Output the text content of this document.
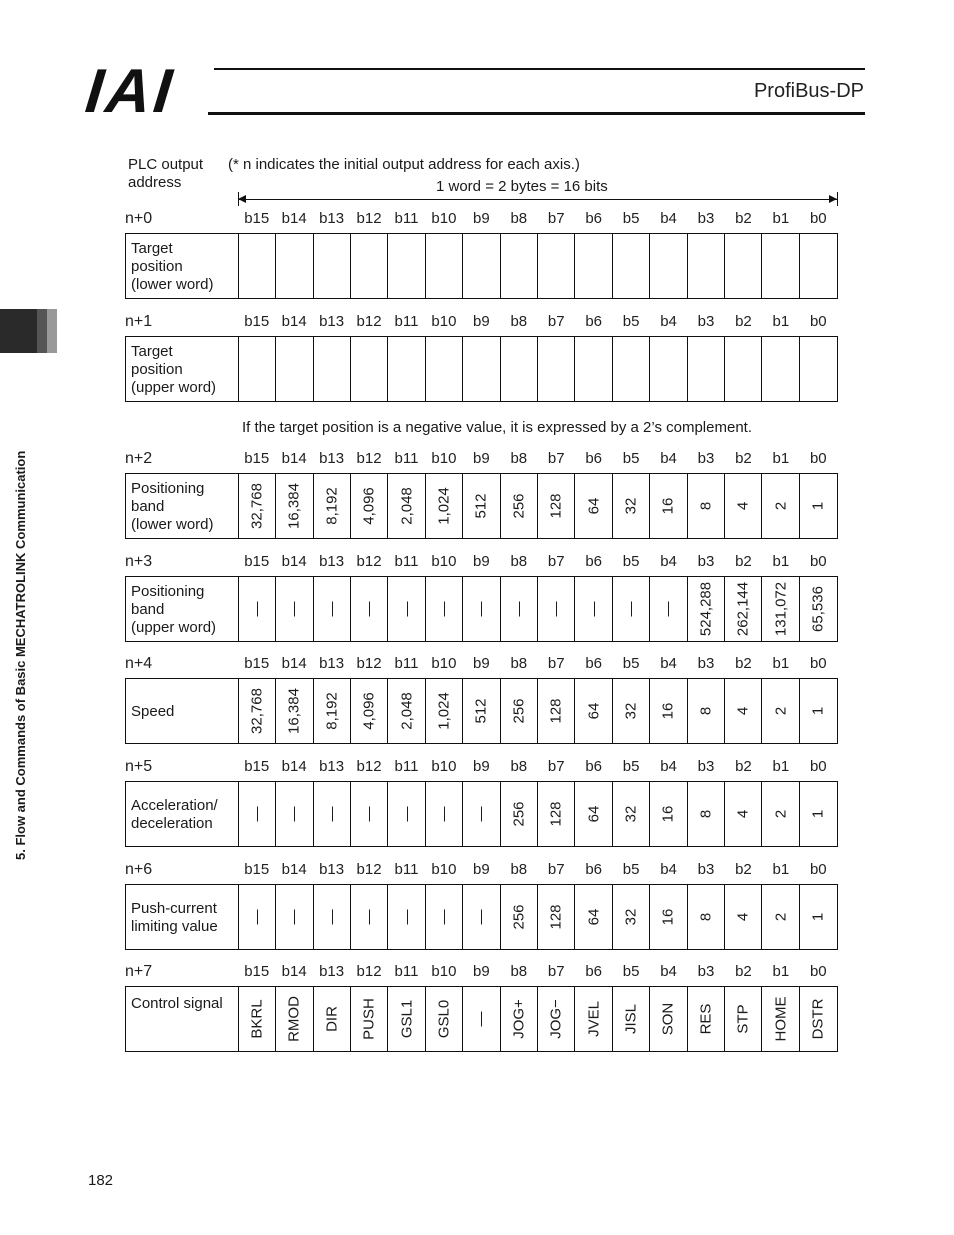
IAI	ProfiBus-DP
5. Flow and Commands of Basic MECHATROLINK Communication
PLC output
address
(* n indicates the initial output address for each axis.)
1 word = 2 bytes = 16 bits
n+0	b15 b14 b13 b12 b11 b10	b9	b8	b7	b6	b5	b4	b3	b2	b1	b0
Target
position
(lower word)
n+1	b15 b14 b13 b12 b11 b10	b9	b8	b7	b6	b5	b4	b3	b2	b1	b0
Target
position
(upper word)
n+2	b15 b14 b13 b12 b11 b10	b9	b8	b7	b6	b5	b4	b3	b2	b1	b0
Positioning
band
(lower word)	32,768 16,384 8,192 4,096 2,048 1,024 512 256 128 64 32 16 8 4 2 1
n+3	b15 b14 b13 b12 b11 b10	b9	b8	b7	b6	b5	b4	b3	b2	b1	b0
Positioning
band
(upper word)
— — — — — — — — — — — — 524,288 262,144 131,072 65,536
n+4	b15 b14 b13 b12 b11 b10	b9	b8	b7	b6	b5	b4	b3	b2	b1	b0
Speed	32,768 16,384 8,192 4,096 2,048 1,024 512 256 128 64 32 16 8 4 2 1
n+5	b15 b14 b13 b12 b11 b10	b9	b8	b7	b6	b5	b4	b3	b2	b1	b0
Acceleration/
deceleration
— — — — — — — 256 128 64 32 16 8 4 2 1
n+6	b15 b14 b13 b12 b11 b10	b9	b8	b7	b6	b5	b4	b3	b2	b1	b0
Push-current
limiting value
— — — — — — — 256 128 64 32 16 8 4 2 1
n+7	b15 b14 b13 b12 b11 b10	b9	b8	b7	b6	b5	b4	b3	b2	b1	b0
Control signal	BKRL RMOD DIR PUSH GSL1 GSL0 — JOG+ JOG− JVEL JISL SON RES STP HOME DSTR
If the target position is a negative value, it is expressed by a 2’s complement.
182
